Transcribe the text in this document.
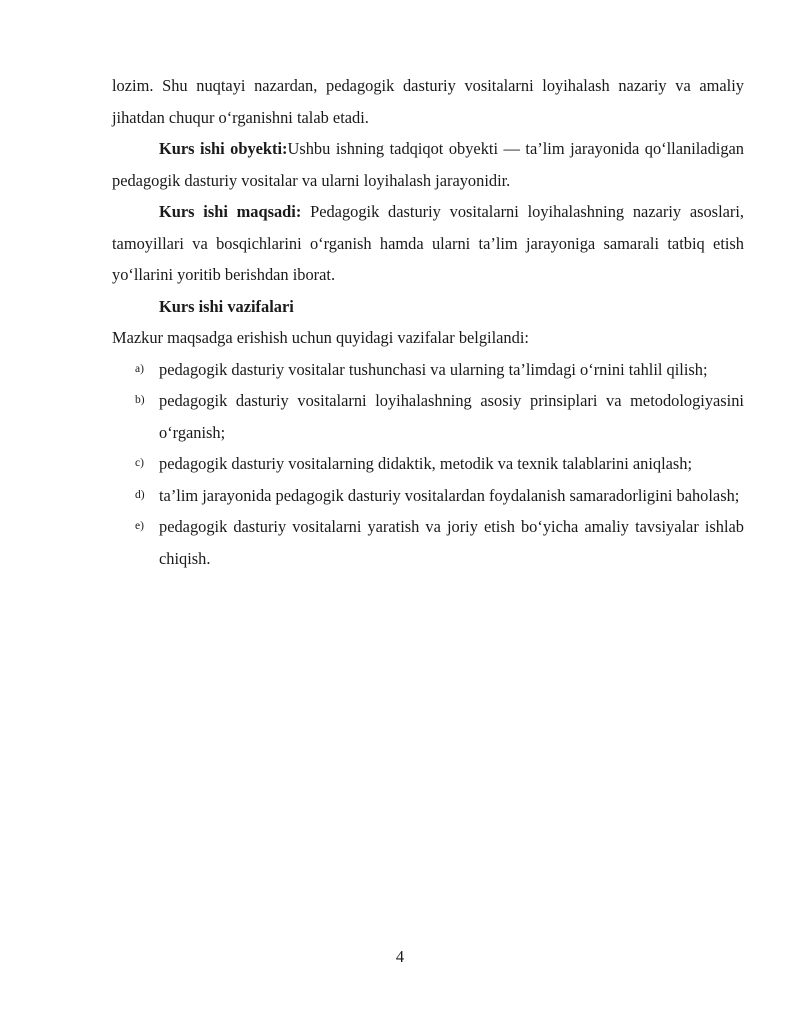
lozim. Shu nuqtayi nazardan, pedagogik dasturiy vositalarni loyihalash nazariy va amaliy jihatdan chuqur o‘rganishni talab etadi.

Kurs ishi obyekti:Ushbu ishning tadqiqot obyekti — ta’lim jarayonida qo‘llaniladigan pedagogik dasturiy vositalar va ularni loyihalash jarayonidir.

Kurs ishi maqsadi: Pedagogik dasturiy vositalarni loyihalashning nazariy asoslari, tamoyillari va bosqichlarini o‘rganish hamda ularni ta’lim jarayoniga samarali tatbiq etish yo‘llarini yoritib berishdan iborat.

Kurs ishi vazifalari

Mazkur maqsadga erishish uchun quyidagi vazifalar belgilandi:

a) pedagogik dasturiy vositalar tushunchasi va ularning ta’limdagi o‘rnini tahlil qilish;
b) pedagogik dasturiy vositalarni loyihalashning asosiy prinsiplari va metodologiyasini o‘rganish;
c) pedagogik dasturiy vositalarning didaktik, metodik va texnik talablarini aniqlash;
d) ta’lim jarayonida pedagogik dasturiy vositalardan foydalanish samaradorligini baholash;
e) pedagogik dasturiy vositalarni yaratish va joriy etish bo‘yicha amaliy tavsiyalar ishlab chiqish.
4
